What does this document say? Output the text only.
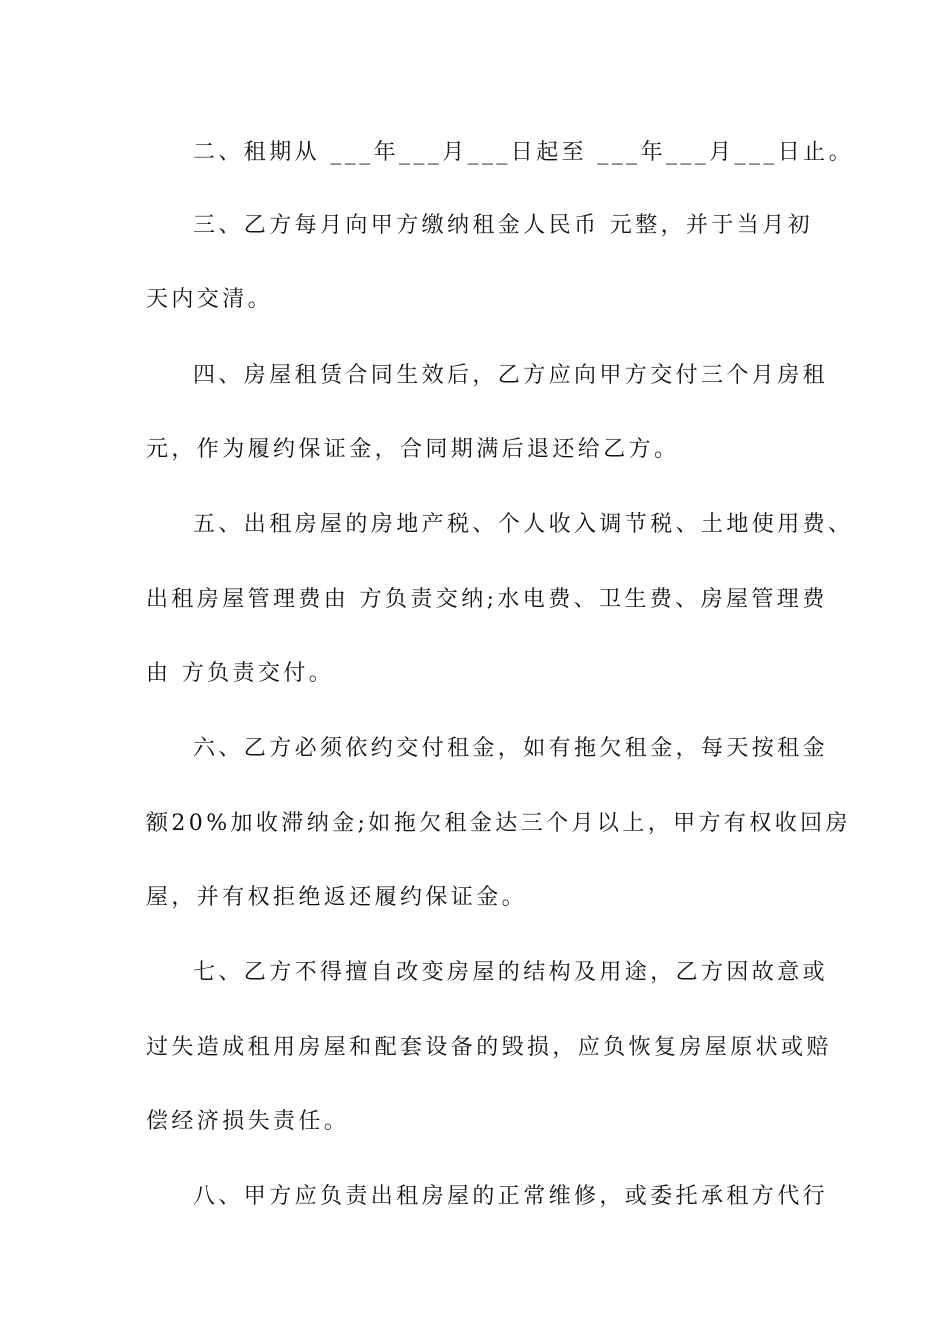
二、租期从 ___年___月___日起至 ___年___月___日止。
三、乙方每月向甲方缴纳租金人民币 元整，并于当月初
天内交清。
四、房屋租赁合同生效后，乙方应向甲方交付三个月房租
元，作为履约保证金，合同期满后退还给乙方。
五、出租房屋的房地产税、个人收入调节税、土地使用费、
出租房屋管理费由 方负责交纳;水电费、卫生费、房屋管理费
由 方负责交付。
六、乙方必须依约交付租金，如有拖欠租金，每天按租金
额20%加收滞纳金;如拖欠租金达三个月以上，甲方有权收回房
屋，并有权拒绝返还履约保证金。
七、乙方不得擅自改变房屋的结构及用途，乙方因故意或
过失造成租用房屋和配套设备的毁损，应负恢复房屋原状或赔
偿经济损失责任。
八、甲方应负责出租房屋的正常维修，或委托承租方代行
